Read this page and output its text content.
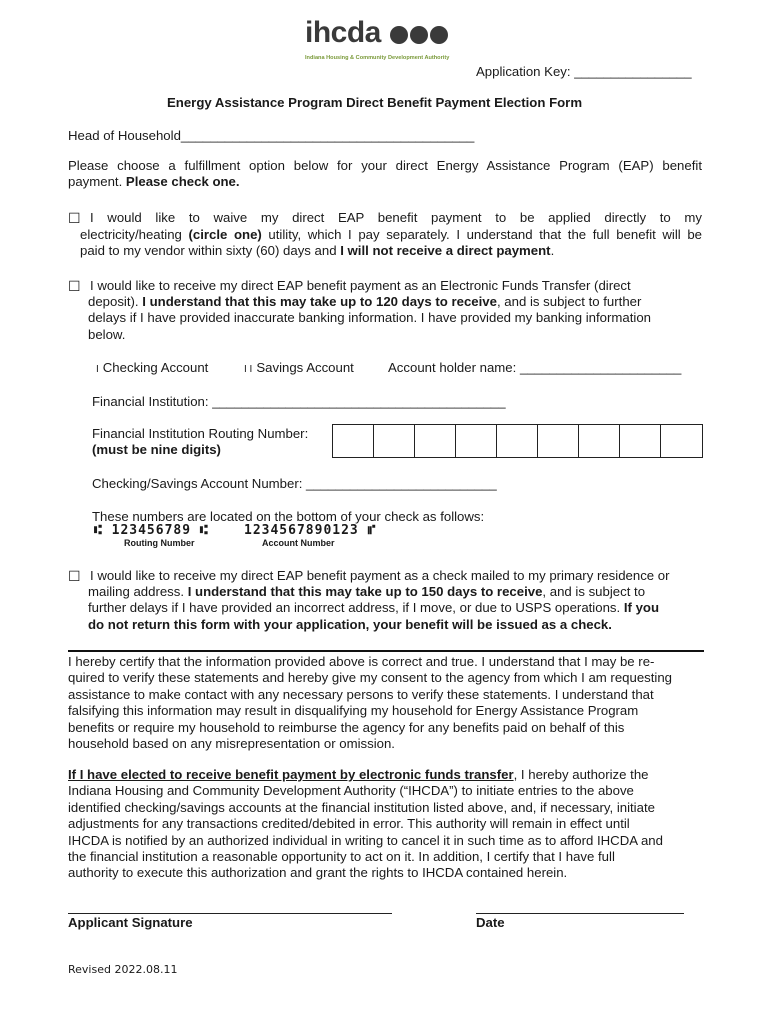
ihcda
Indiana Housing & Community Development Authority
Application Key: ________________
Energy Assistance Program Direct Benefit Payment Election Form
Head of Household________________________________________
Please choose a fulfillment option below for your direct Energy Assistance Program (EAP) benefit
payment. Please check one.
☐ I would like to waive my direct EAP benefit payment to be applied directly to my
electricity/heating (circle one) utility, which I pay separately. I understand that the full benefit will be
paid to my vendor within sixty (60) days and I will not receive a direct payment.
☐ I would like to receive my direct EAP benefit payment as an Electronic Funds Transfer (direct
deposit). I understand that this may take up to 120 days to receive, and is subject to further
delays if I have provided inaccurate banking information. I have provided my banking information
below.
I Checking Account	I I Savings Account	Account holder name: ______________________
Financial Institution: ________________________________________
Financial Institution Routing Number:
(must be nine digits)
Checking/Savings Account Number: __________________________
These numbers are located on the bottom of your check as follows:
⑆ 123456789 ⑆	1234567890123 ⑈
Routing Number	Account Number
☐ I would like to receive my direct EAP benefit payment as a check mailed to my primary residence or
mailing address. I understand that this may take up to 150 days to receive, and is subject to
further delays if I have provided an incorrect address, if I move, or due to USPS operations. If you
do not return this form with your application, your benefit will be issued as a check.
I hereby certify that the information provided above is correct and true. I understand that I may be re-
quired to verify these statements and hereby give my consent to the agency from which I am requesting
assistance to make contact with any necessary persons to verify these statements. I understand that
falsifying this information may result in disqualifying my household for Energy Assistance Program
benefits or require my household to reimburse the agency for any benefits paid on behalf of this
household based on any misrepresentation or omission.
If I have elected to receive benefit payment by electronic funds transfer, I hereby authorize the
Indiana Housing and Community Development Authority (“IHCDA”) to initiate entries to the above
identified checking/savings accounts at the financial institution listed above, and, if necessary, initiate
adjustments for any transactions credited/debited in error. This authority will remain in effect until
IHCDA is notified by an authorized individual in writing to cancel it in such time as to afford IHCDA and
the financial institution a reasonable opportunity to act on it. In addition, I certify that I have full
authority to execute this authorization and grant the rights to IHCDA contained herein.
Applicant Signature	Date
Revised 2022.08.11
